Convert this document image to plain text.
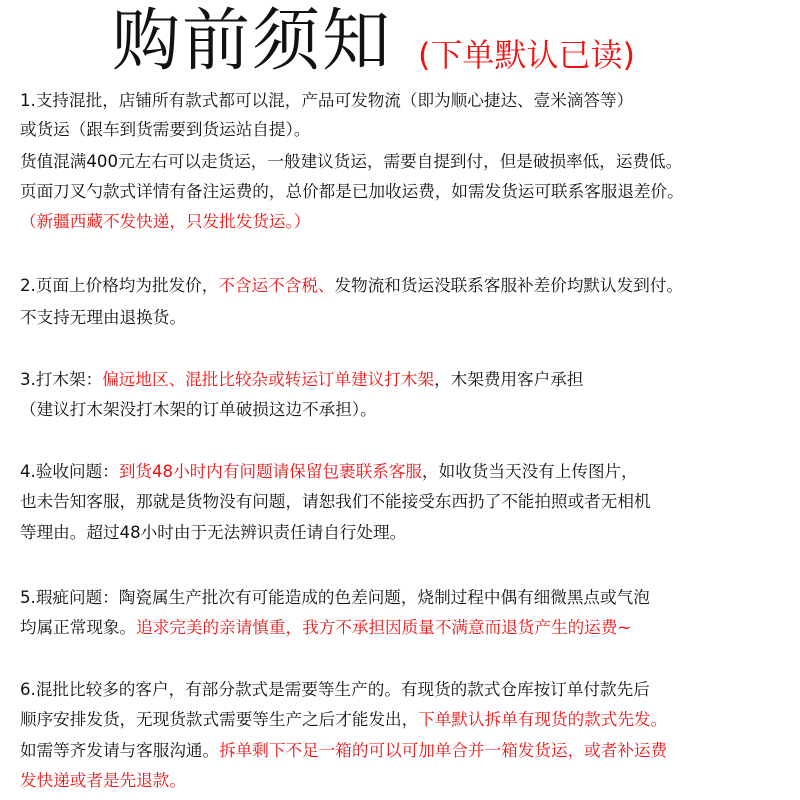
购前须知 (下单默认已读)
1.支持混批，店铺所有款式都可以混，产品可发物流（即为顺心捷达、壹米滴答等）
或货运（跟车到货需要到货运站自提）。
货值混满400元左右可以走货运，一般建议货运，需要自提到付，但是破损率低，运费低。
页面刀叉勺款式详情有备注运费的，总价都是已加收运费，如需发货运可联系客服退差价。
（新疆西藏不发快递，只发批发货运。）
2.页面上价格均为批发价，不含运不含税、发物流和货运没联系客服补差价均默认发到付。
不支持无理由退换货。
3.打木架：偏远地区、混批比较杂或转运订单建议打木架，木架费用客户承担
（建议打木架没打木架的订单破损这边不承担）。
4.验收问题：到货48小时内有问题请保留包裹联系客服，如收货当天没有上传图片，
也未告知客服，那就是货物没有问题，请恕我们不能接受东西扔了不能拍照或者无相机
等理由。超过48小时由于无法辨识责任请自行处理。
5.瑕疵问题：陶瓷属生产批次有可能造成的色差问题，烧制过程中偶有细微黑点或气泡
均属正常现象。追求完美的亲请慎重，我方不承担因质量不满意而退货产生的运费~
6.混批比较多的客户，有部分款式是需要等生产的。有现货的款式仓库按订单付款先后
顺序安排发货，无现货款式需要等生产之后才能发出，下单默认拆单有现货的款式先发。
如需等齐发请与客服沟通。拆单剩下不足一箱的可以可加单合并一箱发货运，或者补运费
发快递或者是先退款。
